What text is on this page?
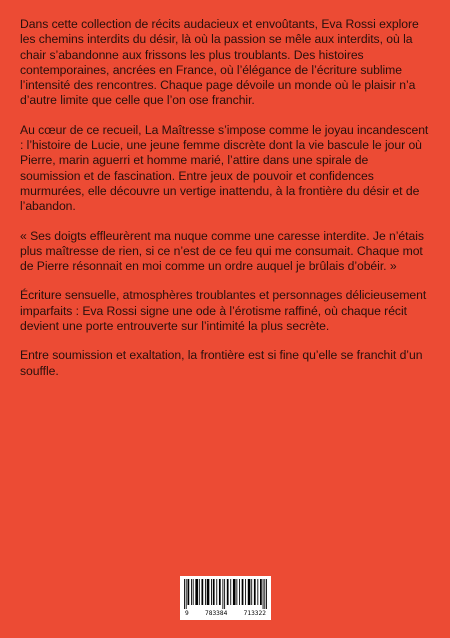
Dans cette collection de récits audacieux et envoûtants, Eva Rossi explore les chemins interdits du désir, là où la passion se mêle aux interdits, où la chair s’abandonne aux frissons les plus troublants. Des histoires contemporaines, ancrées en France, où l’élégance de l’écriture sublime l’intensité des rencontres. Chaque page dévoile un monde où le plaisir n’a d’autre limite que celle que l’on ose franchir.

Au cœur de ce recueil, La Maîtresse s’impose comme le joyau incandescent : l’histoire de Lucie, une jeune femme discrète dont la vie bascule le jour où Pierre, marin aguerri et homme marié, l’attire dans une spirale de soumission et de fascination. Entre jeux de pouvoir et confidences murmurées, elle découvre un vertige inattendu, à la frontière du désir et de l’abandon.

« Ses doigts effleurèrent ma nuque comme une caresse interdite. Je n’étais plus maîtresse de rien, si ce n’est de ce feu qui me consumait. Chaque mot de Pierre résonnait en moi comme un ordre auquel je brûlais d’obéir. »

Écriture sensuelle, atmosphères troublantes et personnages délicieusement imparfaits : Eva Rossi signe une ode à l’érotisme raffiné, où chaque récit devient une porte entrouverte sur l’intimité la plus secrète.

Entre soumission et exaltation, la frontière est si fine qu’elle se franchit d’un souffle.

9	783384	713322
